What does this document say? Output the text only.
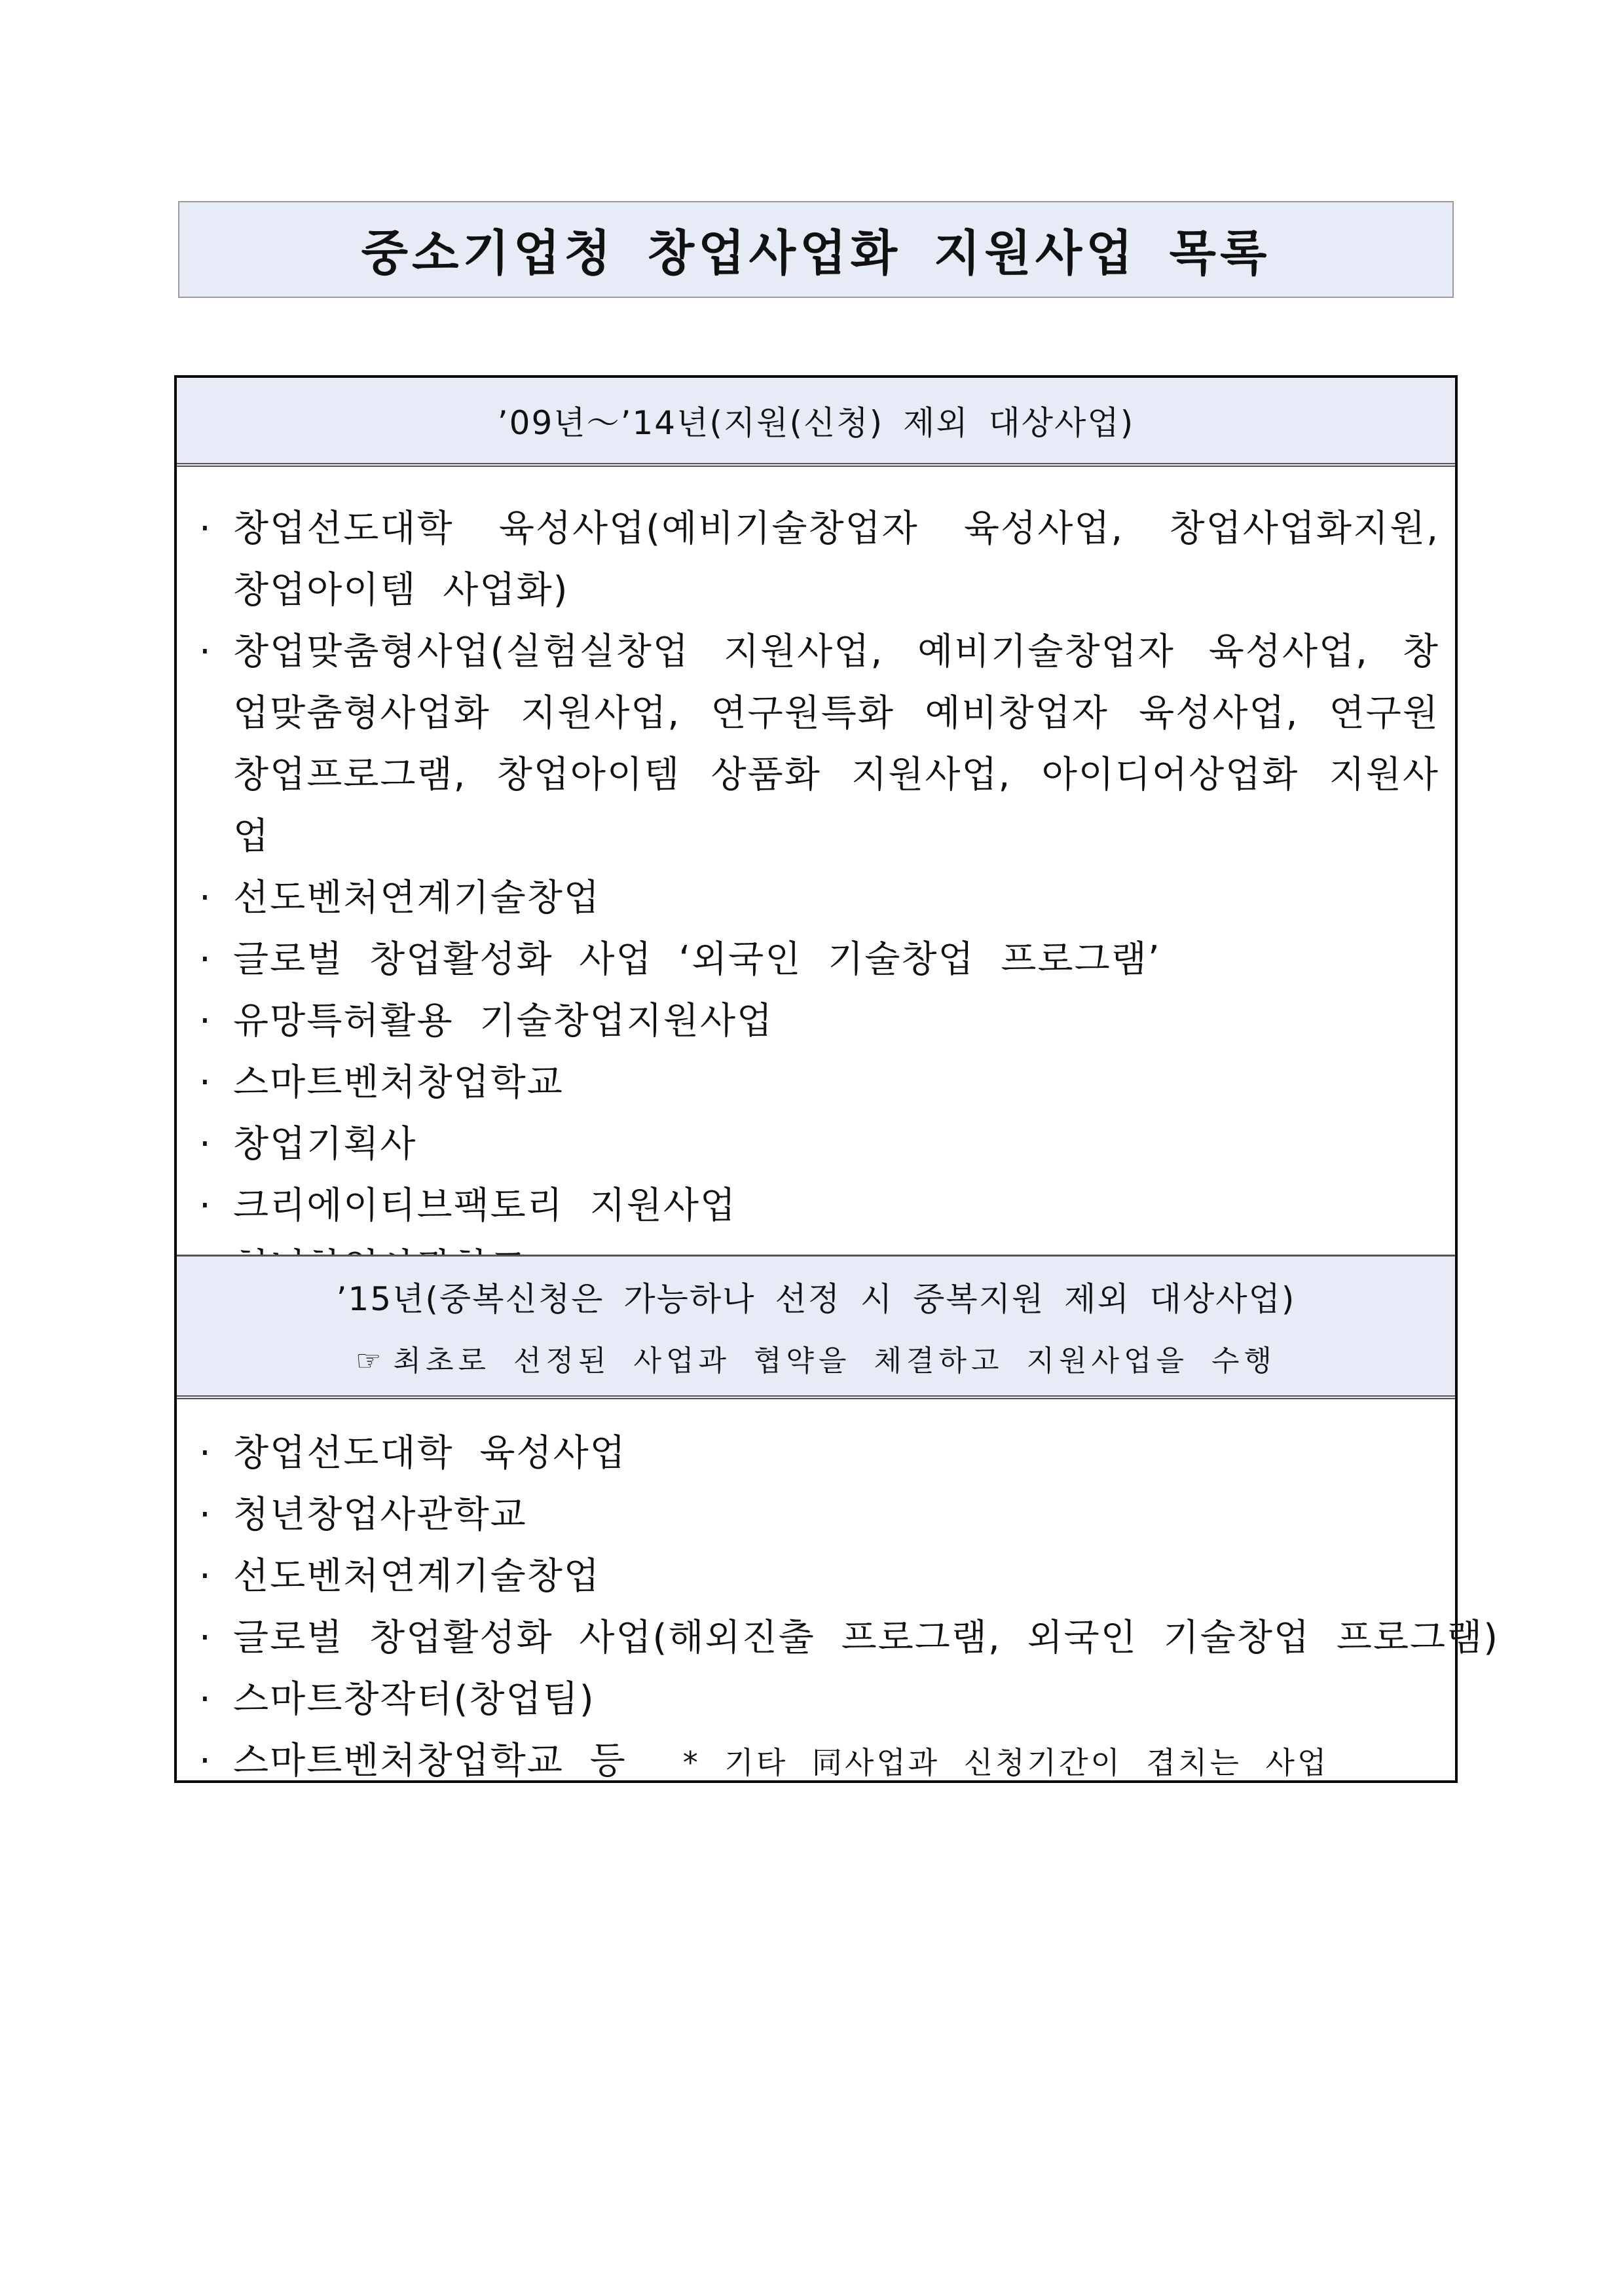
중소기업청 창업사업화 지원사업 목록
’09년～’14년(지원(신청) 제외 대상사업)
· 창업선도대학 육성사업(예비기술창업자 육성사업, 창업사업화지원, 창업아이템 사업화)
· 창업맞춤형사업(실험실창업 지원사업, 예비기술창업자 육성사업, 창업맞춤형사업화 지원사업, 연구원특화 예비창업자 육성사업, 연구원 창업프로그램, 창업아이템 상품화 지원사업, 아이디어상업화 지원사업
· 선도벤처연계기술창업
· 글로벌 창업활성화 사업 ‘외국인 기술창업 프로그램’
· 유망특허활용 기술창업지원사업
· 스마트벤처창업학교
· 창업기획사
· 크리에이티브팩토리 지원사업
’15년(중복신청은 가능하나 선정 시 중복지원 제외 대상사업)
☞ 최초로 선정된 사업과 협약을 체결하고 지원사업을 수행
· 창업선도대학 육성사업
· 청년창업사관학교
· 선도벤처연계기술창업
· 글로벌 창업활성화 사업(해외진출 프로그램, 외국인 기술창업 프로그램)
· 스마트창작터(창업팀)
· 스마트벤처창업학교 등 * 기타 同사업과 신청기간이 겹치는 사업
